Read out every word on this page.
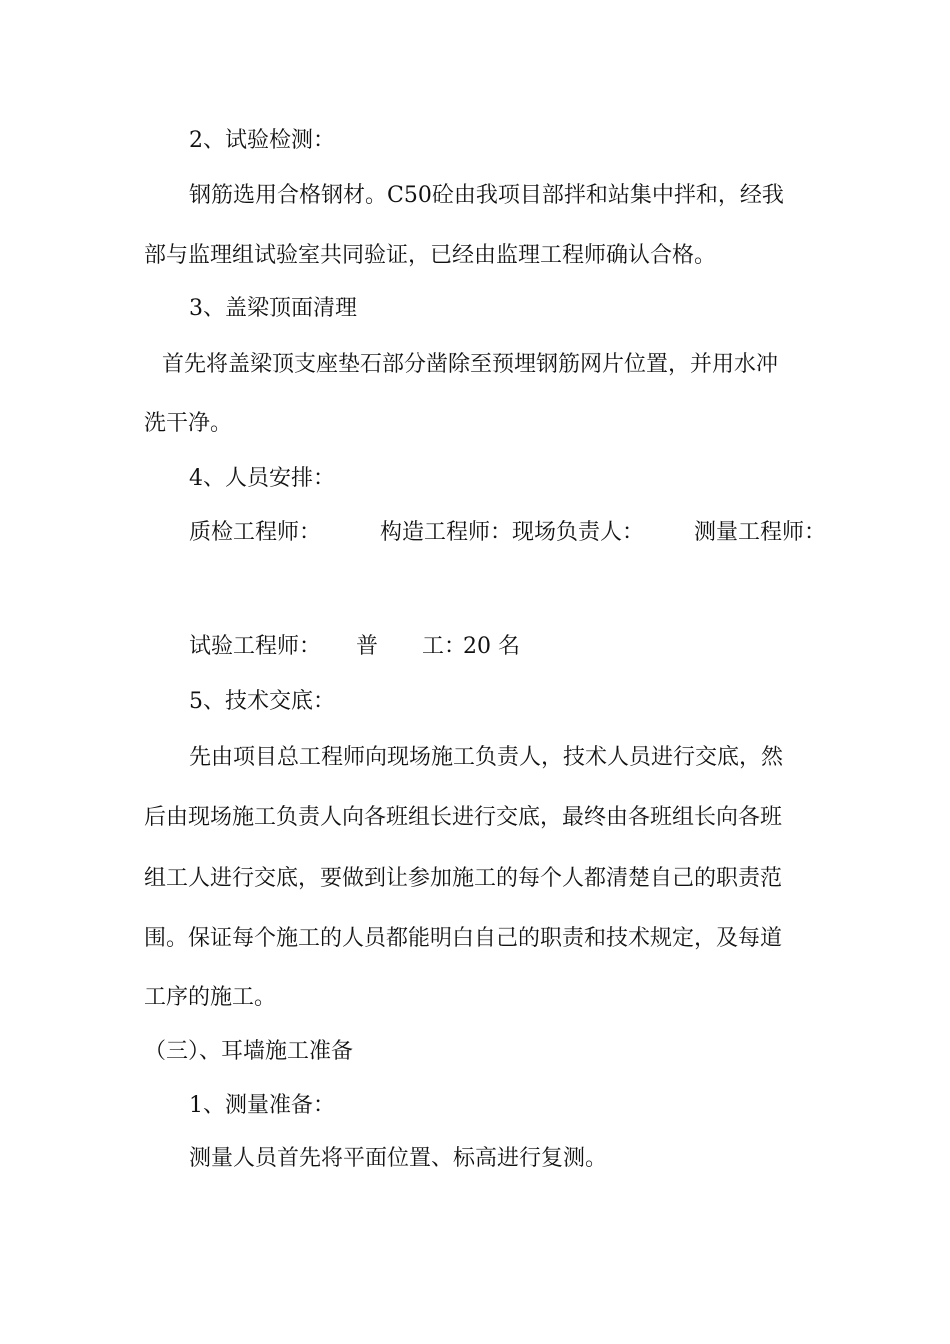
2、试验检测：
钢筋选用合格钢材。C50砼由我项目部拌和站集中拌和，经我
部与监理组试验室共同验证，已经由监理工程师确认合格。
3、盖梁顶面清理
首先将盖梁顶支座垫石部分凿除至预埋钢筋网片位置，并用水冲
洗干净。
4、人员安排：
质检工程师：	构造工程师：现场负责人： 测量工程师：
试验工程师： 普　　工：
20 名
5、技术交底：
先由项目总工程师向现场施工负责人，技术人员进行交底，然
后由现场施工负责人向各班组长进行交底，最终由各班组长向各班
组工人进行交底，要做到让参加施工的每个人都清楚自己的职责范
围。保证每个施工的人员都能明白自己的职责和技术规定，及每道
工序的施工。
（三）、耳墙施工准备
1、测量准备：
测量人员首先将平面位置、标高进行复测。
